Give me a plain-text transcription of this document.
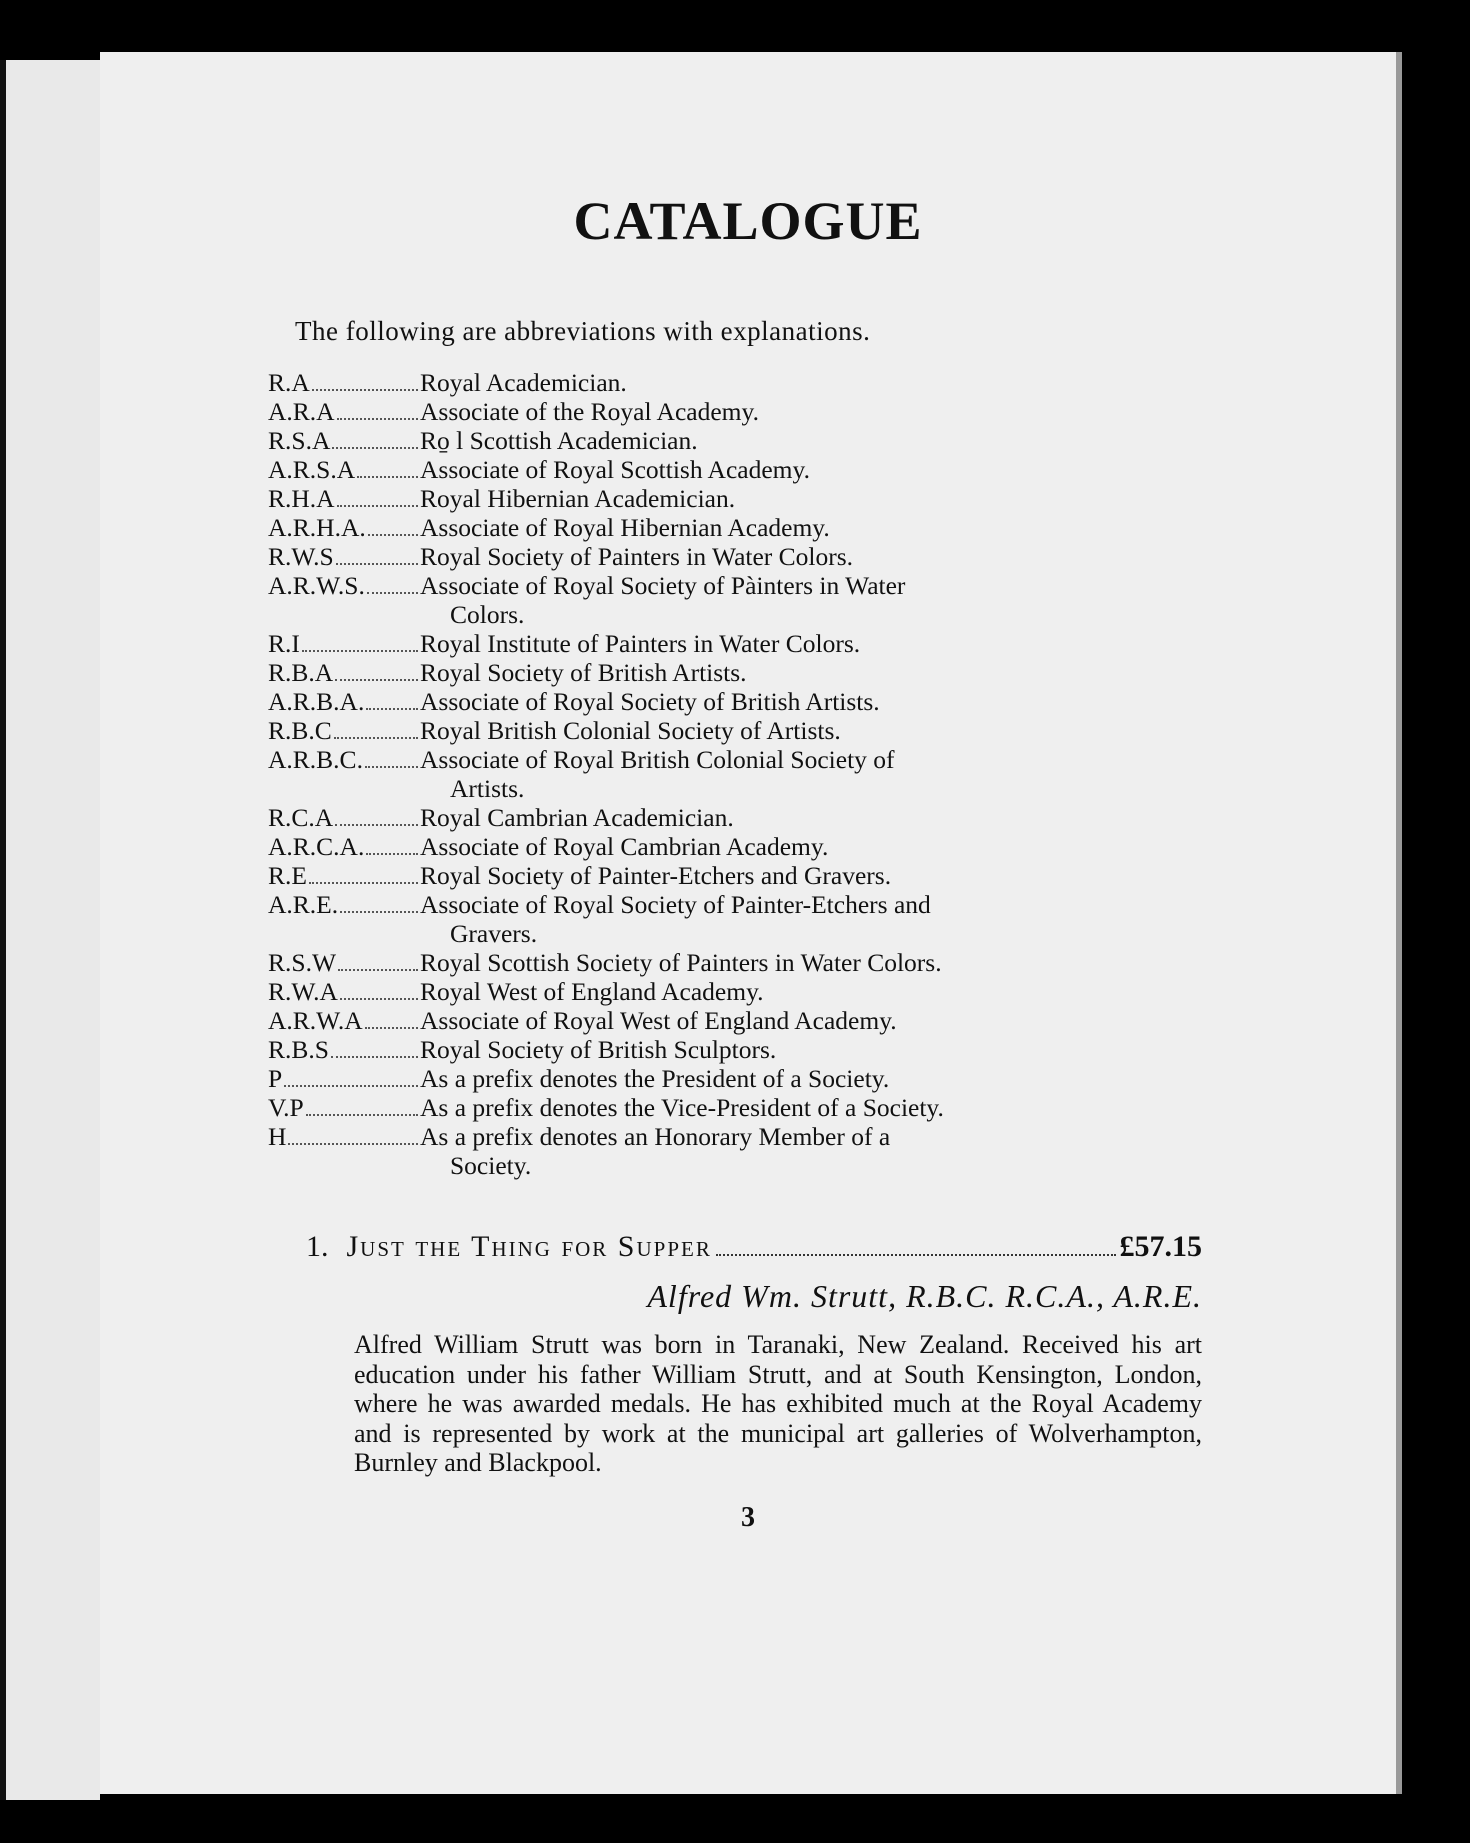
CATALOGUE
The following are abbreviations with explanations.
R.A	Royal Academician.
A.R.A	Associate of the Royal Academy.
R.S.A	Ro̱ l Scottish Academician.
A.R.S.A	Associate of Royal Scottish Academy.
R.H.A	Royal Hibernian Academician.
A.R.H.A. Associate of Royal Hibernian Academy.
R.W.S	Royal Society of Painters in Water Colors.
A.R.W.S. Associate of Royal Society of Pàinters in Water
Colors.
R.I	Royal Institute of Painters in Water Colors.
R.B.A	Royal Society of British Artists.
A.R.B.A. Associate of Royal Society of British Artists.
R.B.C	Royal British Colonial Society of Artists.
A.R.B.C. Associate of Royal British Colonial Society of
Artists.
R.C.A	Royal Cambrian Academician.
A.R.C.A. Associate of Royal Cambrian Academy.
R.E	Royal Society of Painter-Etchers and Gravers.
A.R.E.	Associate of Royal Society of Painter-Etchers and
Gravers.
R.S.W	Royal Scottish Society of Painters in Water Colors.
R.W.A	Royal West of England Academy.
A.R.W.A Associate of Royal West of England Academy.
R.B.S	Royal Society of British Sculptors.
P	As a prefix denotes the President of a Society.
V.P	As a prefix denotes the Vice-President of a Society.
H	As a prefix denotes an Honorary Member of a
Society.
1. Just the Thing for Supper	£57.15
Alfred Wm. Strutt, R.B.C. R.C.A., A.R.E.
Alfred William Strutt was born in Taranaki, New Zealand. Received his art education under his father William Strutt, and at South Kensington, London, where he was awarded medals. He has exhibited much at the Royal Academy and is represented by work at the municipal art galleries of Wolverhampton, Burnley and Blackpool.
3
